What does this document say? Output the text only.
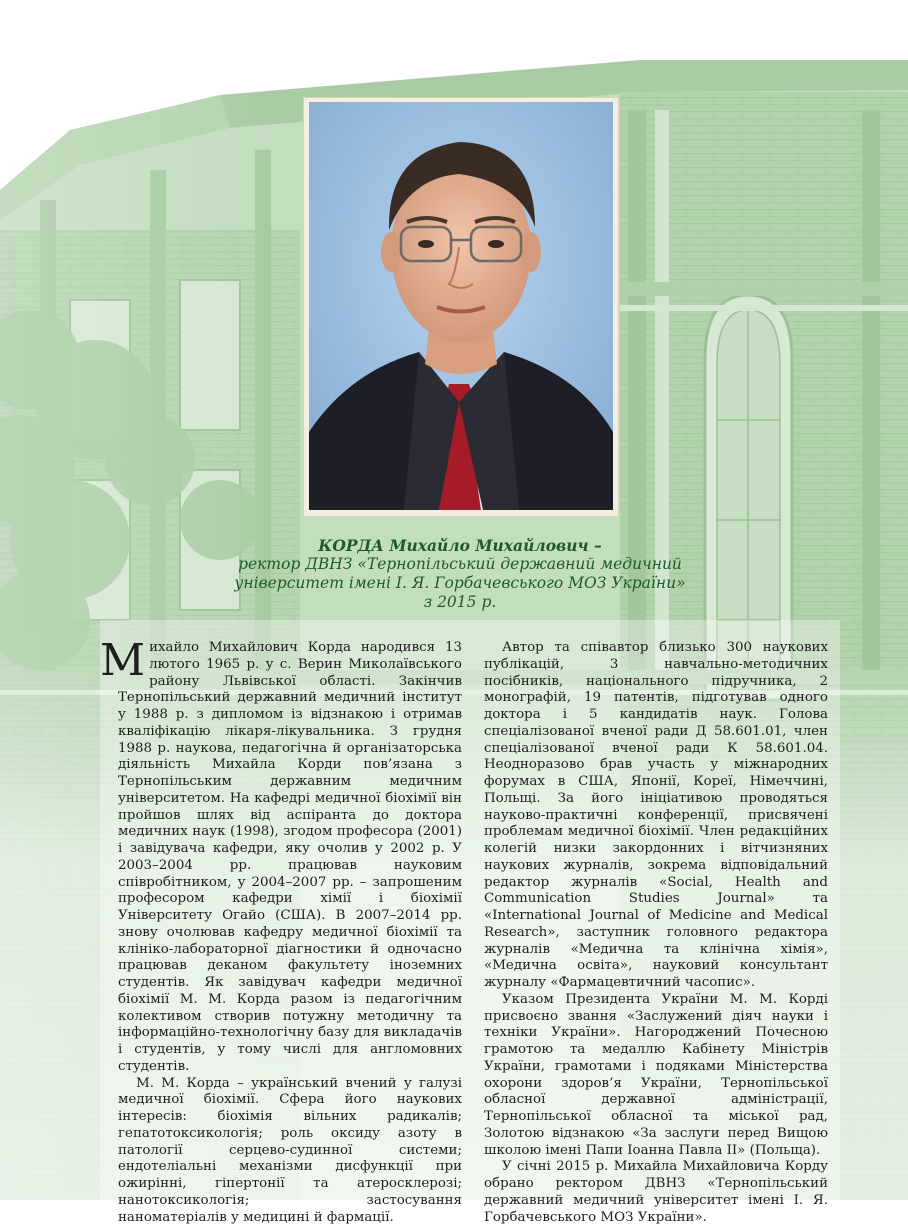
КОРДА Михайло Михайлович –
ректор ДВНЗ «Тернопільський державний медичний
університет імені І. Я. Горбачевського МОЗ України»
з 2015 р.

Михайло Михайлович Корда народився 13 лютого 1965 р. у с. Верин Миколаївського району Львівської області. Закінчив Тернопільський державний медичний інститут у 1988 р. з дипломом із відзнакою і отримав кваліфікацію лікаря-лікувальника. З грудня 1988 р. наукова, педагогічна й організаторська діяльність Михайла Корди пов’язана з Тернопільським державним медичним університетом. На кафедрі медичної біохімії він пройшов шлях від аспіранта до доктора медичних наук (1998), згодом професора (2001) і завідувача кафедри, яку очолив у 2002 р. У 2003–2004 рр. працював науковим співробітником, у 2004–2007 рр. – запрошеним професором кафедри хімії і біохімії Університету Огайо (США). В 2007–2014 рр. знову очолював кафедру медичної біохімії та клініко-лабораторної діагностики й одночасно працював деканом факультету іноземних студентів. Як завідувач кафедри медичної біохімії М. М. Корда разом із педагогічним колективом створив потужну методичну та інформаційно-технологічну базу для викладачів і студентів, у тому числі для англомовних студентів.

М. М. Корда – український вчений у галузі медичної біохімії. Сфера його наукових інтересів: біохімія вільних радикалів; гепатотоксикологія; роль оксиду азоту в патології серцево-судинної системи; ендотеліальні механізми дисфункції при ожирінні, гіпертонії та атеросклерозі; нанотоксикологія; застосування наноматеріалів у медицині й фармації.

Автор та співавтор близько 300 наукових публікацій, 3 навчально-методичних посібників, національного підручника, 2 монографій, 19 патентів, підготував одного доктора і 5 кандидатів наук. Голова спеціалізованої вченої ради Д 58.601.01, член спеціалізованої вченої ради К 58.601.04. Неодноразово брав участь у міжнародних форумах в США, Японії, Кореї, Німеччині, Польщі. За його ініціативою проводяться науково-практичні конференції, присвячені проблемам медичної біохімії. Член редакційних колегій низки закордонних і вітчизняних наукових журналів, зокрема відповідальний редактор журналів «Social, Health and Communication Studies Journal» та «International Journal of Medicine and Medical Research», заступник головного редактора журналів «Медична та клінічна хімія», «Медична освіта», науковий консультант журналу «Фармацевтичний часопис».

Указом Президента України М. М. Корді присвоєно звання «Заслужений діяч науки і техніки України». Нагороджений Почесною грамотою та медаллю Кабінету Міністрів України, грамотами і подяками Міністерства охорони здоров’я України, Тернопільської обласної державної адміністрації, Тернопільської обласної та міської рад, Золотою відзнакою «За заслуги перед Вищою школою імені Папи Іоанна Павла ІІ» (Польща).

У січні 2015 р. Михайла Михайловича Корду обрано ректором ДВНЗ «Тернопільський державний медичний університет імені І. Я. Горбачевського МОЗ України».
